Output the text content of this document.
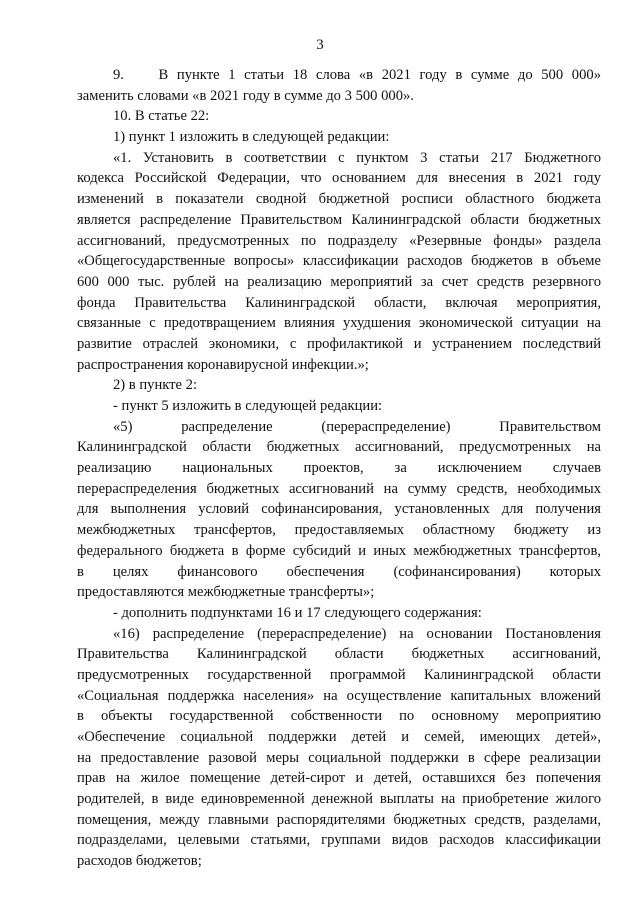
3
9.    В пункте 1 статьи 18 слова «в 2021 году в сумме до 500 000»
заменить словами «в 2021 году в сумме до 3 500 000».
10. В статье 22:
1) пункт 1 изложить в следующей редакции:
«1. Установить в соответствии с пунктом 3 статьи 217 Бюджетного
кодекса Российской Федерации, что основанием для внесения в 2021 году
изменений в показатели сводной бюджетной росписи областного бюджета
является распределение Правительством Калининградской области бюджетных
ассигнований, предусмотренных по подразделу «Резервные фонды» раздела
«Общегосударственные вопросы» классификации расходов бюджетов в объеме
600 000 тыс. рублей на реализацию мероприятий за счет средств резервного
фонда Правительства Калининградской области, включая мероприятия,
связанные с предотвращением влияния ухудшения экономической ситуации на
развитие отраслей экономики, с профилактикой и устранением последствий
распространения коронавирусной инфекции.»;
2) в пункте 2:
- пункт 5 изложить в следующей редакции:
«5) распределение (перераспределение) Правительством
Калининградской области бюджетных ассигнований, предусмотренных на
реализацию национальных проектов, за исключением случаев
перераспределения бюджетных ассигнований на сумму средств, необходимых
для выполнения условий софинансирования, установленных для получения
межбюджетных трансфертов, предоставляемых областному бюджету из
федерального бюджета в форме субсидий и иных межбюджетных трансфертов,
в целях финансового обеспечения (софинансирования) которых
предоставляются межбюджетные трансферты»;
- дополнить подпунктами 16 и 17 следующего содержания:
«16) распределение (перераспределение) на основании Постановления
Правительства Калининградской области бюджетных ассигнований,
предусмотренных государственной программой Калининградской области
«Социальная поддержка населения» на осуществление капитальных вложений
в объекты государственной собственности по основному мероприятию
«Обеспечение социальной поддержки детей и семей, имеющих детей»,
на предоставление разовой меры социальной поддержки в сфере реализации
прав на жилое помещение детей-сирот и детей, оставшихся без попечения
родителей, в виде единовременной денежной выплаты на приобретение жилого
помещения, между главными распорядителями бюджетных средств, разделами,
подразделами, целевыми статьями, группами видов расходов классификации
расходов бюджетов;
